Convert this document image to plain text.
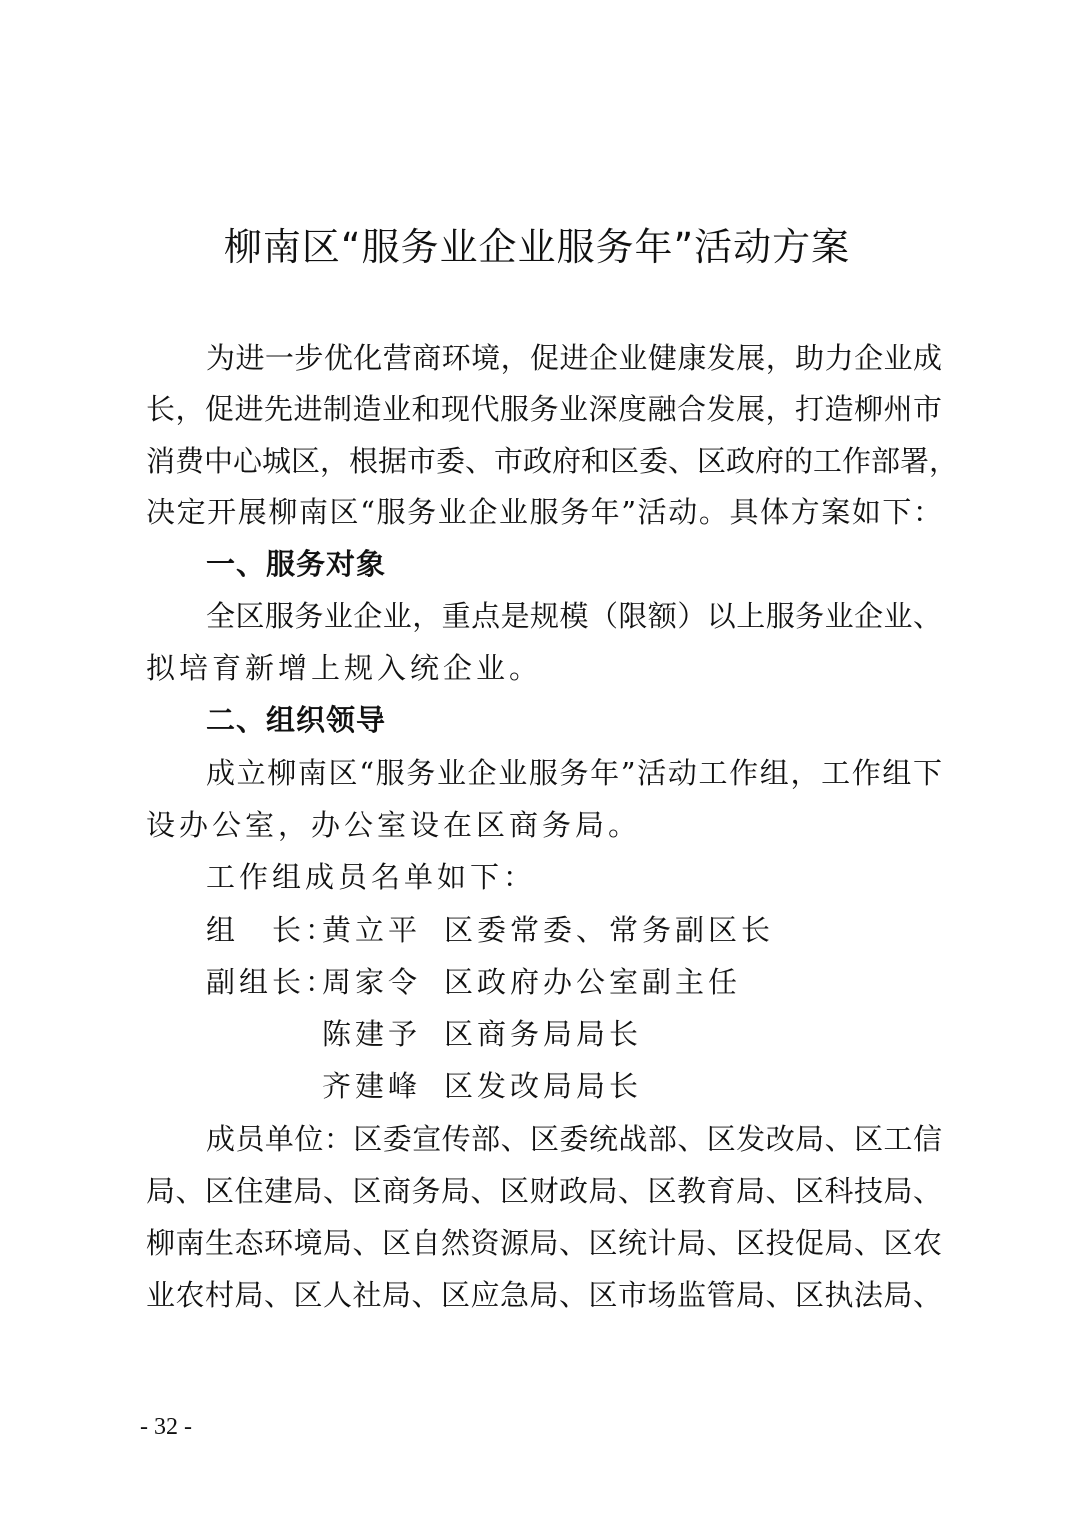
柳南区“服务业企业服务年”活动方案
为进一步优化营商环境，促进企业健康发展，助力企业成
长，促进先进制造业和现代服务业深度融合发展，打造柳州市
消费中心城区，根据市委、市政府和区委、区政府的工作部署，
决定开展柳南区“服务业企业服务年”活动。具体方案如下：
一、服务对象
全区服务业企业，重点是规模（限额）以上服务业企业、
拟培育新增上规入统企业。
二、组织领导
成立柳南区“服务业企业服务年”活动工作组，工作组下
设办公室，办公室设在区商务局。
工作组成员名单如下：
组　长：
黄立平 区委常委、常务副区长
副组长：
周家令 区政府办公室副主任
陈建予 区商务局局长
齐建峰 区发改局局长
成员单位：区委宣传部、区委统战部、区发改局、区工信
局、区住建局、区商务局、区财政局、区教育局、区科技局、
柳南生态环境局、区自然资源局、区统计局、区投促局、区农
业农村局、区人社局、区应急局、区市场监管局、区执法局、
- 32 -
